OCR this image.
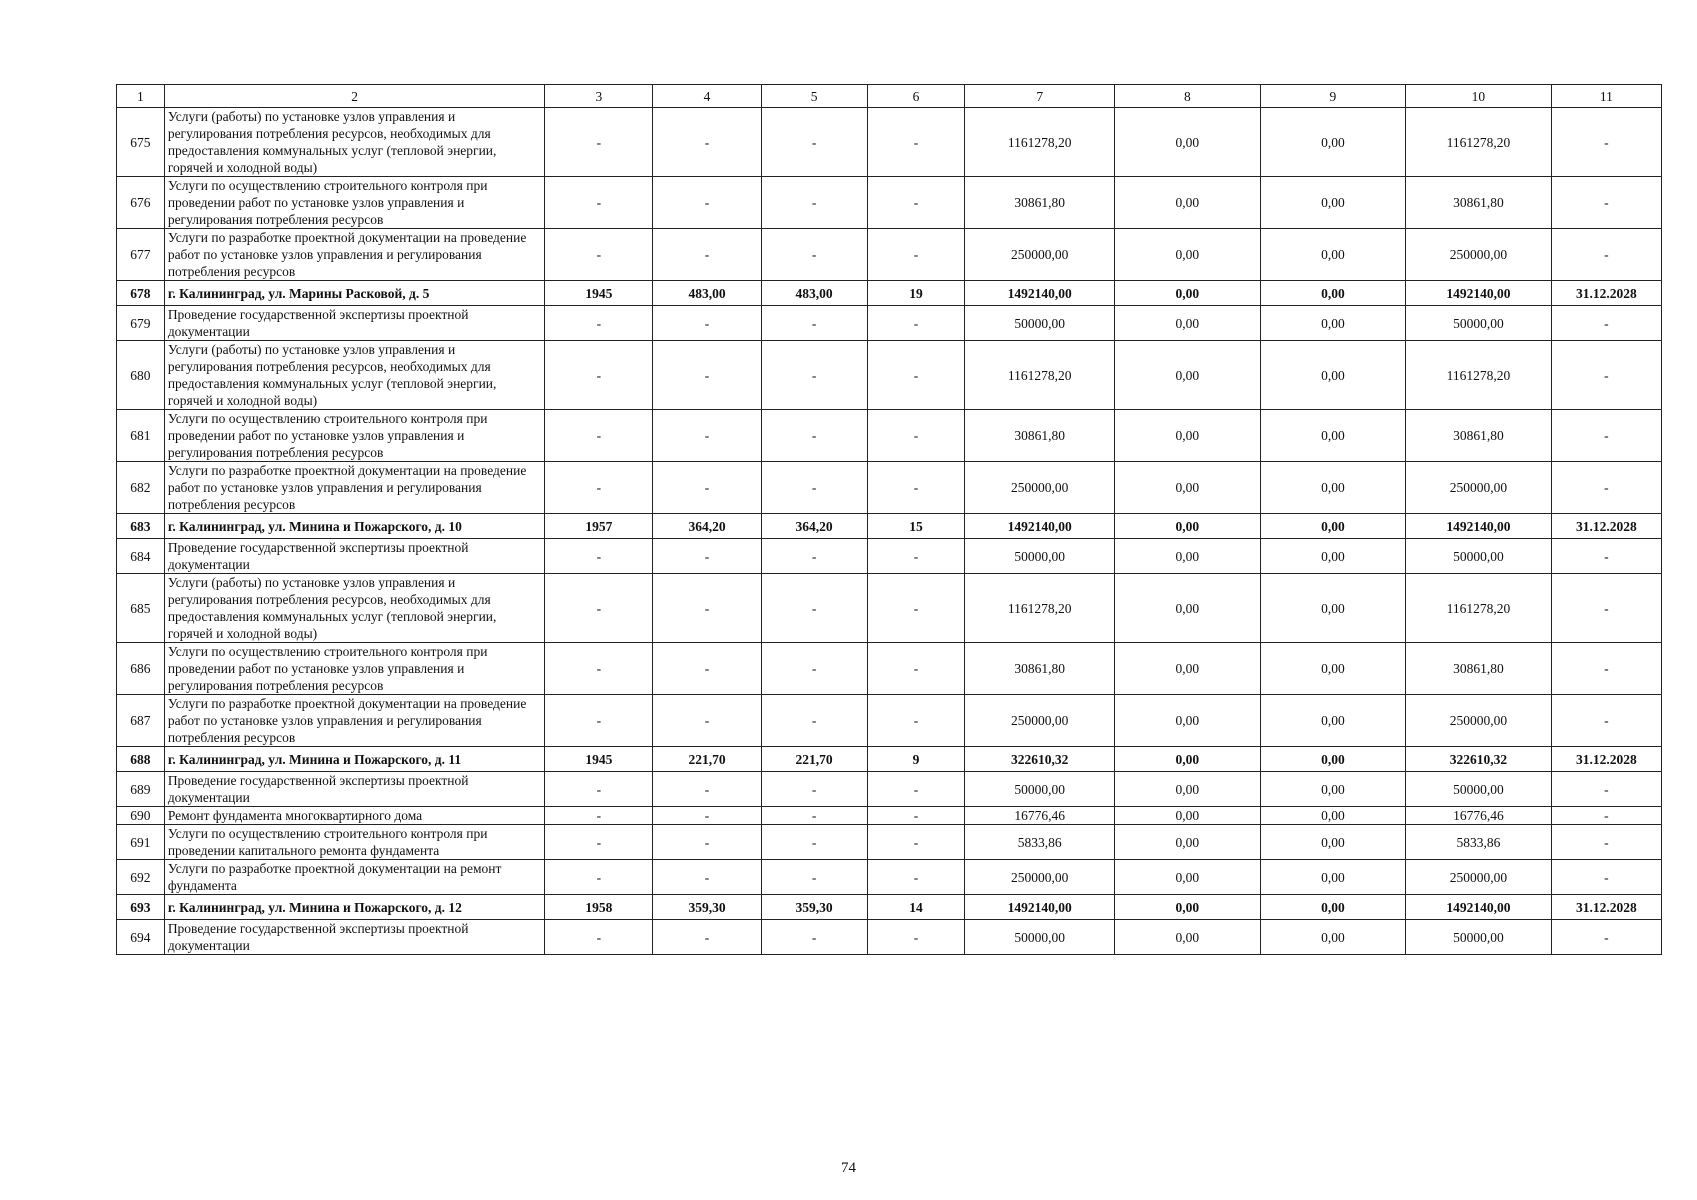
1	2	3	4	5	6	7	8	9	10	11
675	Услуги (работы) по установке узлов управления и регулирования потребления ресурсов, необходимых для предоставления коммунальных услуг (тепловой энергии, горячей и холодной воды)	-	-	-	-	1161278,20	0,00	0,00	1161278,20	-
676	Услуги по осуществлению строительного контроля при проведении работ по установке узлов управления и регулирования потребления ресурсов	-	-	-	-	30861,80	0,00	0,00	30861,80	-
677	Услуги по разработке проектной документации на проведение работ по установке узлов управления и регулирования потребления ресурсов	-	-	-	-	250000,00	0,00	0,00	250000,00	-
678	г. Калининград, ул. Марины Расковой, д. 5	1945	483,00	483,00	19	1492140,00	0,00	0,00	1492140,00	31.12.2028
679	Проведение государственной экспертизы проектной документации	-	-	-	-	50000,00	0,00	0,00	50000,00	-
680	Услуги (работы) по установке узлов управления и регулирования потребления ресурсов, необходимых для предоставления коммунальных услуг (тепловой энергии, горячей и холодной воды)	-	-	-	-	1161278,20	0,00	0,00	1161278,20	-
681	Услуги по осуществлению строительного контроля при проведении работ по установке узлов управления и регулирования потребления ресурсов	-	-	-	-	30861,80	0,00	0,00	30861,80	-
682	Услуги по разработке проектной документации на проведение работ по установке узлов управления и регулирования потребления ресурсов	-	-	-	-	250000,00	0,00	0,00	250000,00	-
683	г. Калининград, ул. Минина и Пожарского, д. 10	1957	364,20	364,20	15	1492140,00	0,00	0,00	1492140,00	31.12.2028
684	Проведение государственной экспертизы проектной документации	-	-	-	-	50000,00	0,00	0,00	50000,00	-
685	Услуги (работы) по установке узлов управления и регулирования потребления ресурсов, необходимых для предоставления коммунальных услуг (тепловой энергии, горячей и холодной воды)	-	-	-	-	1161278,20	0,00	0,00	1161278,20	-
686	Услуги по осуществлению строительного контроля при проведении работ по установке узлов управления и регулирования потребления ресурсов	-	-	-	-	30861,80	0,00	0,00	30861,80	-
687	Услуги по разработке проектной документации на проведение работ по установке узлов управления и регулирования потребления ресурсов	-	-	-	-	250000,00	0,00	0,00	250000,00	-
688	г. Калининград, ул. Минина и Пожарского, д. 11	1945	221,70	221,70	9	322610,32	0,00	0,00	322610,32	31.12.2028
689	Проведение государственной экспертизы проектной документации	-	-	-	-	50000,00	0,00	0,00	50000,00	-
690	Ремонт фундамента многоквартирного дома	-	-	-	-	16776,46	0,00	0,00	16776,46	-
691	Услуги по осуществлению строительного контроля при проведении капитального ремонта фундамента	-	-	-	-	5833,86	0,00	0,00	5833,86	-
692	Услуги по разработке проектной документации на ремонт фундамента	-	-	-	-	250000,00	0,00	0,00	250000,00	-
693	г. Калининград, ул. Минина и Пожарского, д. 12	1958	359,30	359,30	14	1492140,00	0,00	0,00	1492140,00	31.12.2028
694	Проведение государственной экспертизы проектной документации	-	-	-	-	50000,00	0,00	0,00	50000,00	-
74
